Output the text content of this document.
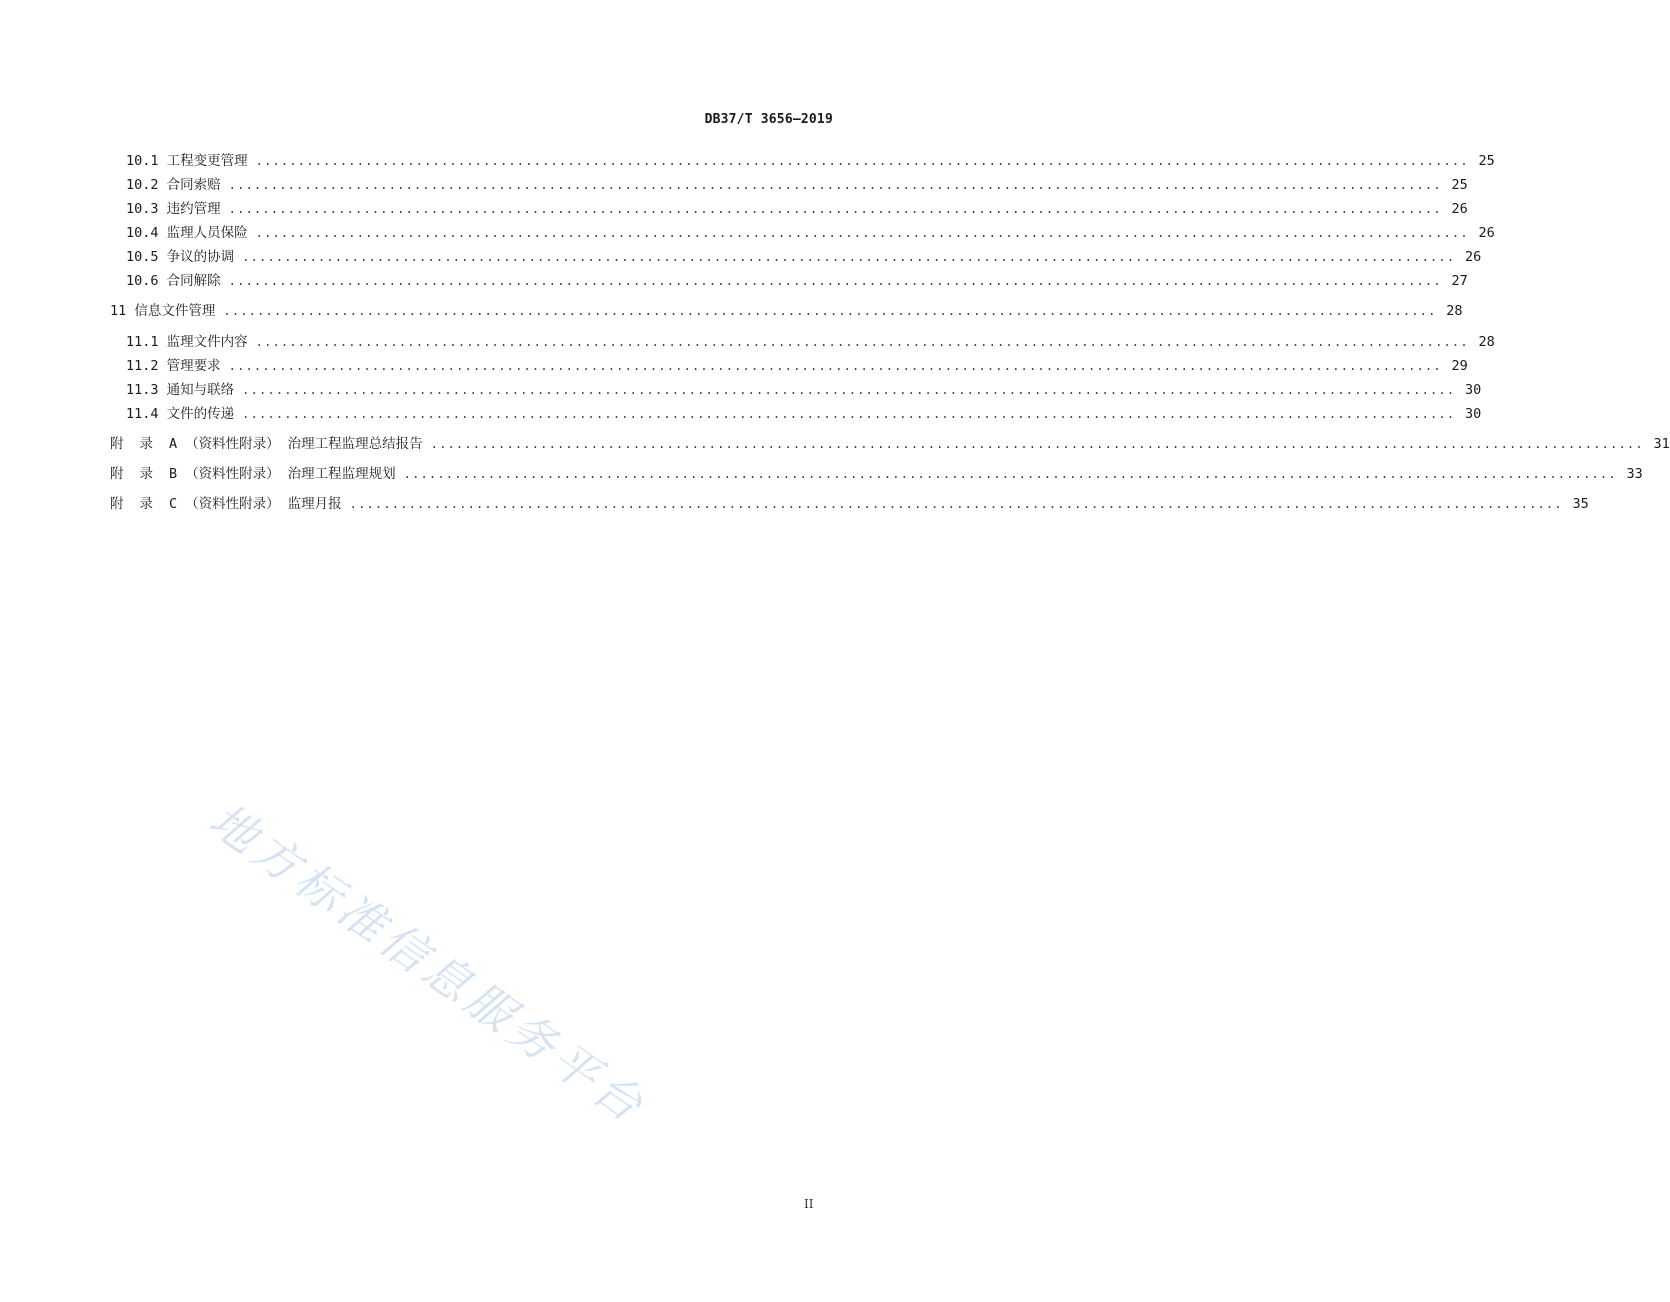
DB37/T 3656—2019
10.1 工程变更管理 ................................................................................................................................................ 25
10.2 合同索赔 ................................................................................................................................................ 25
10.3 违约管理 ................................................................................................................................................ 26
10.4 监理人员保险 ................................................................................................................................................ 26
10.5 争议的协调 ................................................................................................................................................ 26
10.6 合同解除 ................................................................................................................................................ 27
11 信息文件管理 ................................................................................................................................................ 28
11.1 监理文件内容 ................................................................................................................................................ 28
11.2 管理要求 ................................................................................................................................................ 29
11.3 通知与联络 ................................................................................................................................................ 30
11.4 文件的传递 ................................................................................................................................................ 30
附 录 A （资料性附录） 治理工程监理总结报告 ................................................................................................................................................ 31
附 录 B （资料性附录） 治理工程监理规划 ................................................................................................................................................ 33
附 录 C （资料性附录） 监理月报 ................................................................................................................................................ 35
地方标准信息服务平台
II
